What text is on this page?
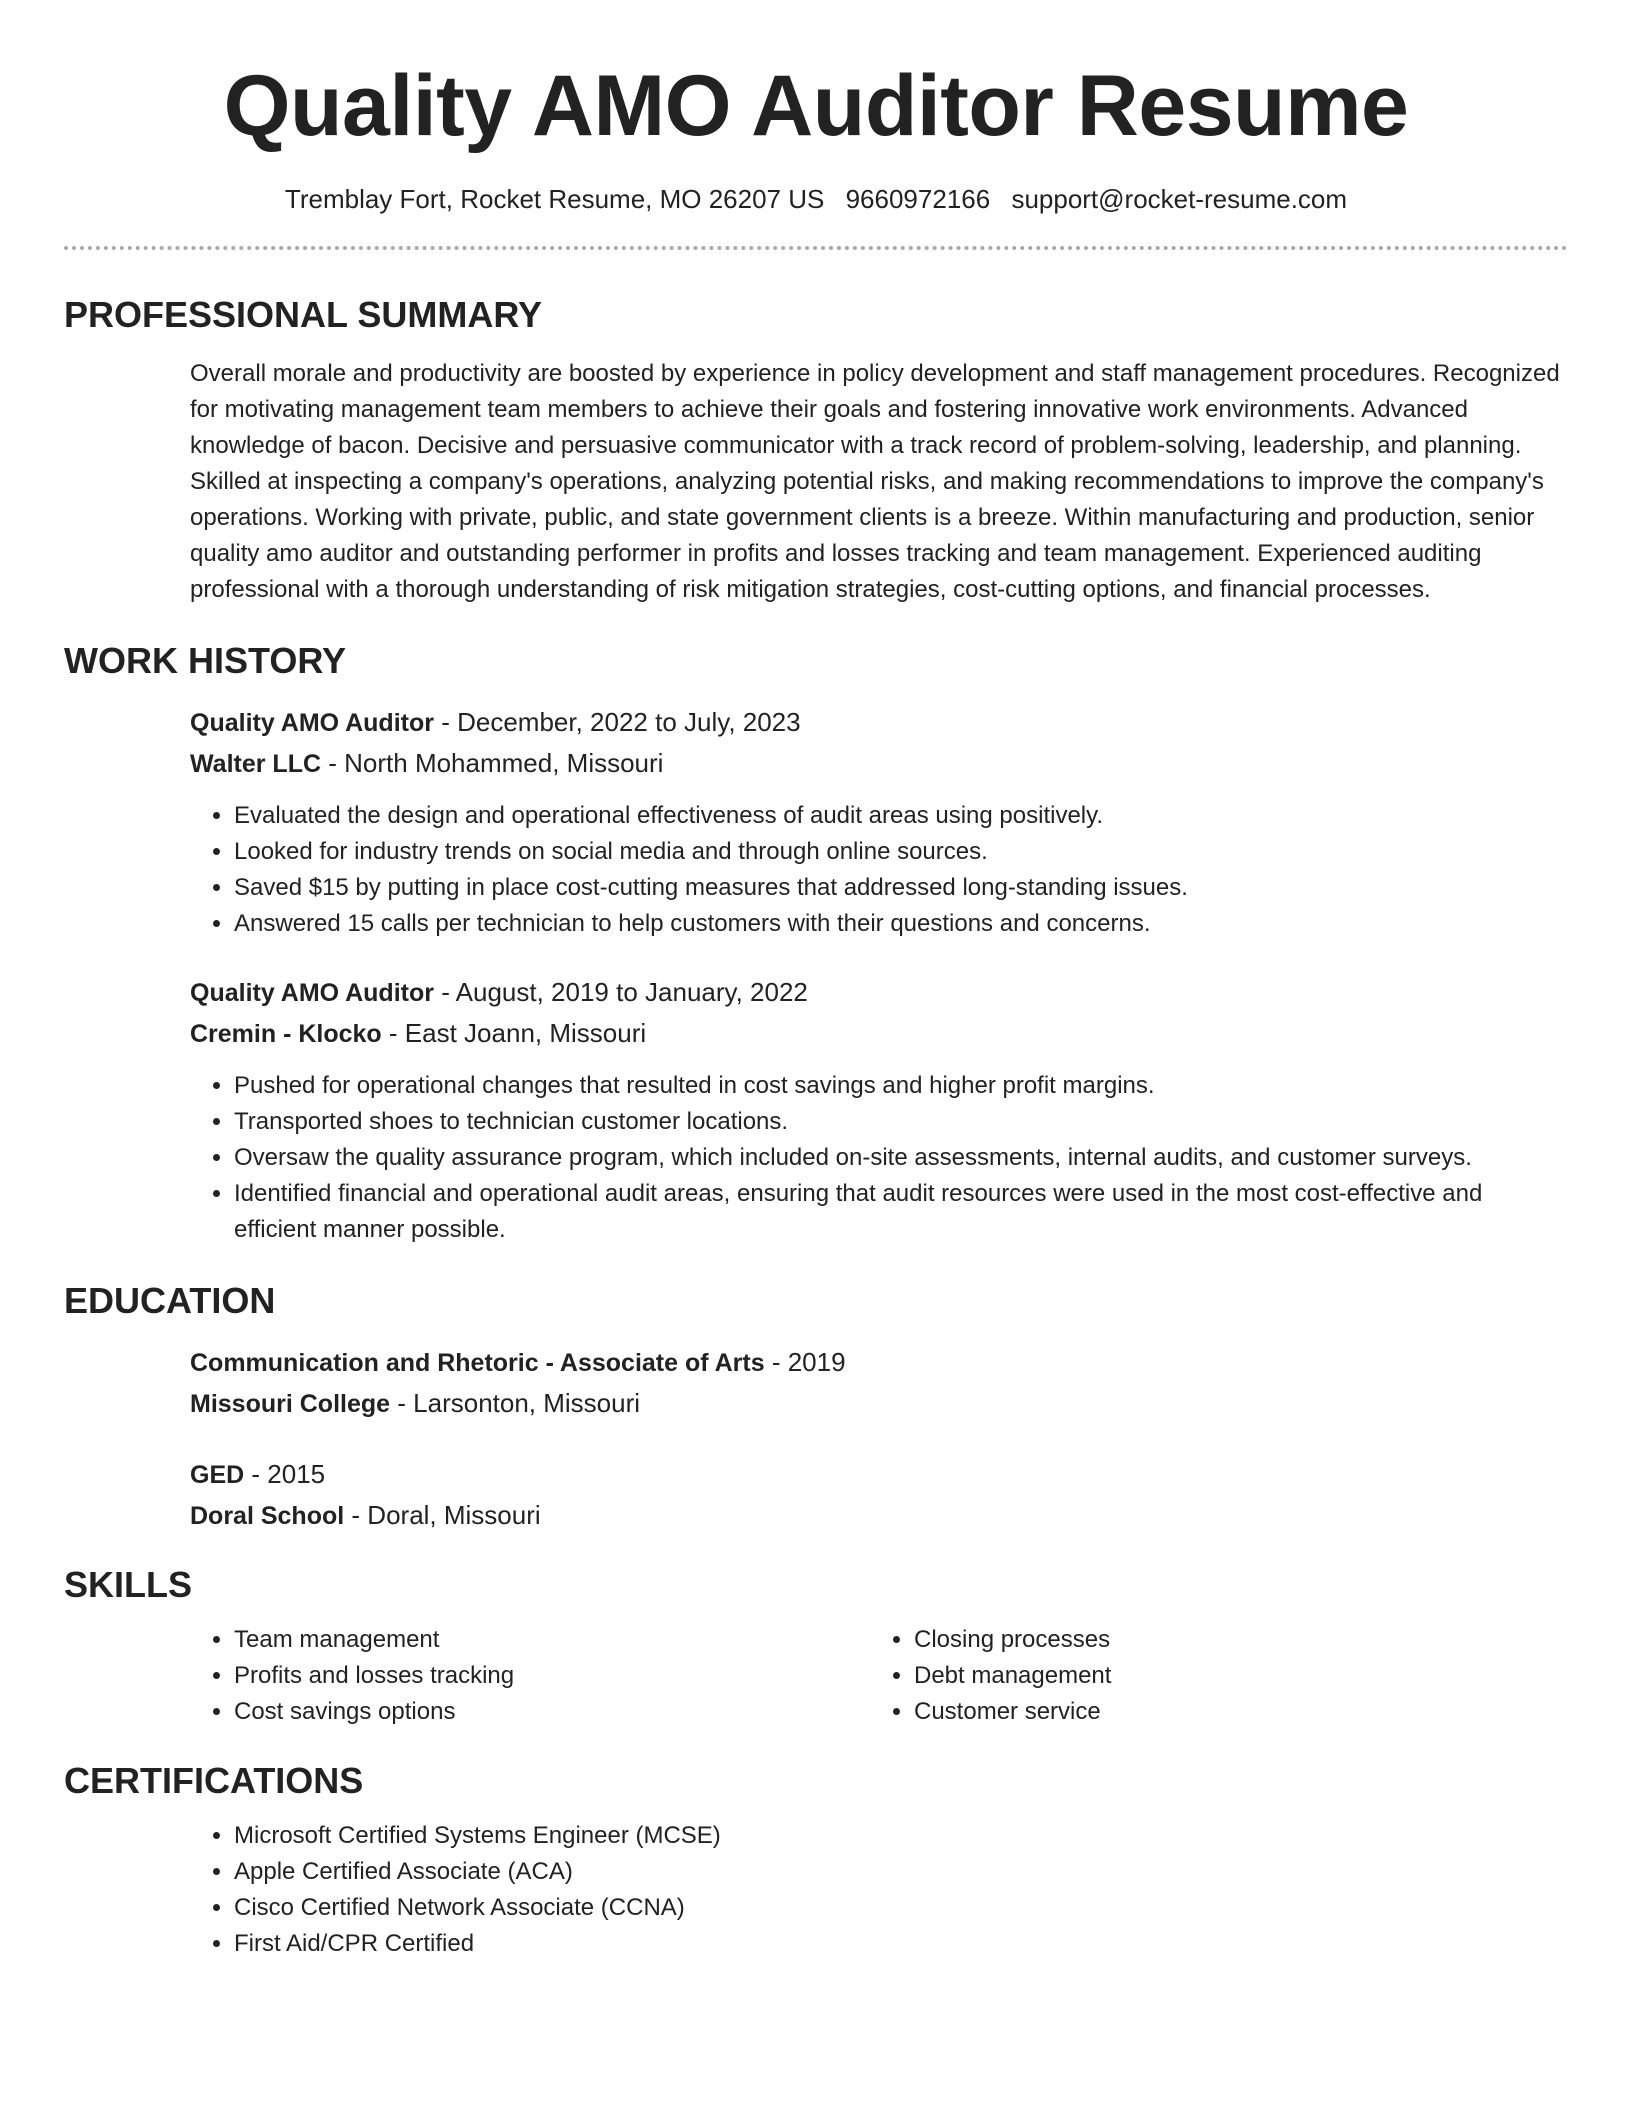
Quality AMO Auditor Resume
Tremblay Fort, Rocket Resume, MO 26207 US 9660972166 support@rocket-resume.com
PROFESSIONAL SUMMARY

Overall morale and productivity are boosted by experience in policy development and staff management procedures. Recognized for motivating management team members to achieve their goals and fostering innovative work environments. Advanced knowledge of bacon. Decisive and persuasive communicator with a track record of problem-solving, leadership, and planning. Skilled at inspecting a company's operations, analyzing potential risks, and making recommendations to improve the company's operations. Working with private, public, and state government clients is a breeze. Within manufacturing and production, senior quality amo auditor and outstanding performer in profits and losses tracking and team management. Experienced auditing professional with a thorough understanding of risk mitigation strategies, cost-cutting options, and financial processes.

WORK HISTORY
Quality AMO Auditor - December, 2022 to July, 2023
Walter LLC - North Mohammed, Missouri
• Evaluated the design and operational effectiveness of audit areas using positively.
• Looked for industry trends on social media and through online sources.
• Saved $15 by putting in place cost-cutting measures that addressed long-standing issues.
• Answered 15 calls per technician to help customers with their questions and concerns.
Quality AMO Auditor - August, 2019 to January, 2022
Cremin - Klocko - East Joann, Missouri
• Pushed for operational changes that resulted in cost savings and higher profit margins.
• Transported shoes to technician customer locations.
• Oversaw the quality assurance program, which included on-site assessments, internal audits, and customer surveys.
• Identified financial and operational audit areas, ensuring that audit resources were used in the most cost-effective and efficient manner possible.
EDUCATION
Communication and Rhetoric - Associate of Arts - 2019
Missouri College - Larsonton, Missouri
GED - 2015
Doral School - Doral, Missouri
SKILLS
• Team management
• Profits and losses tracking
• Cost savings options
• Closing processes
• Debt management
• Customer service
CERTIFICATIONS
• Microsoft Certified Systems Engineer (MCSE)
• Apple Certified Associate (ACA)
• Cisco Certified Network Associate (CCNA)
• First Aid/CPR Certified
